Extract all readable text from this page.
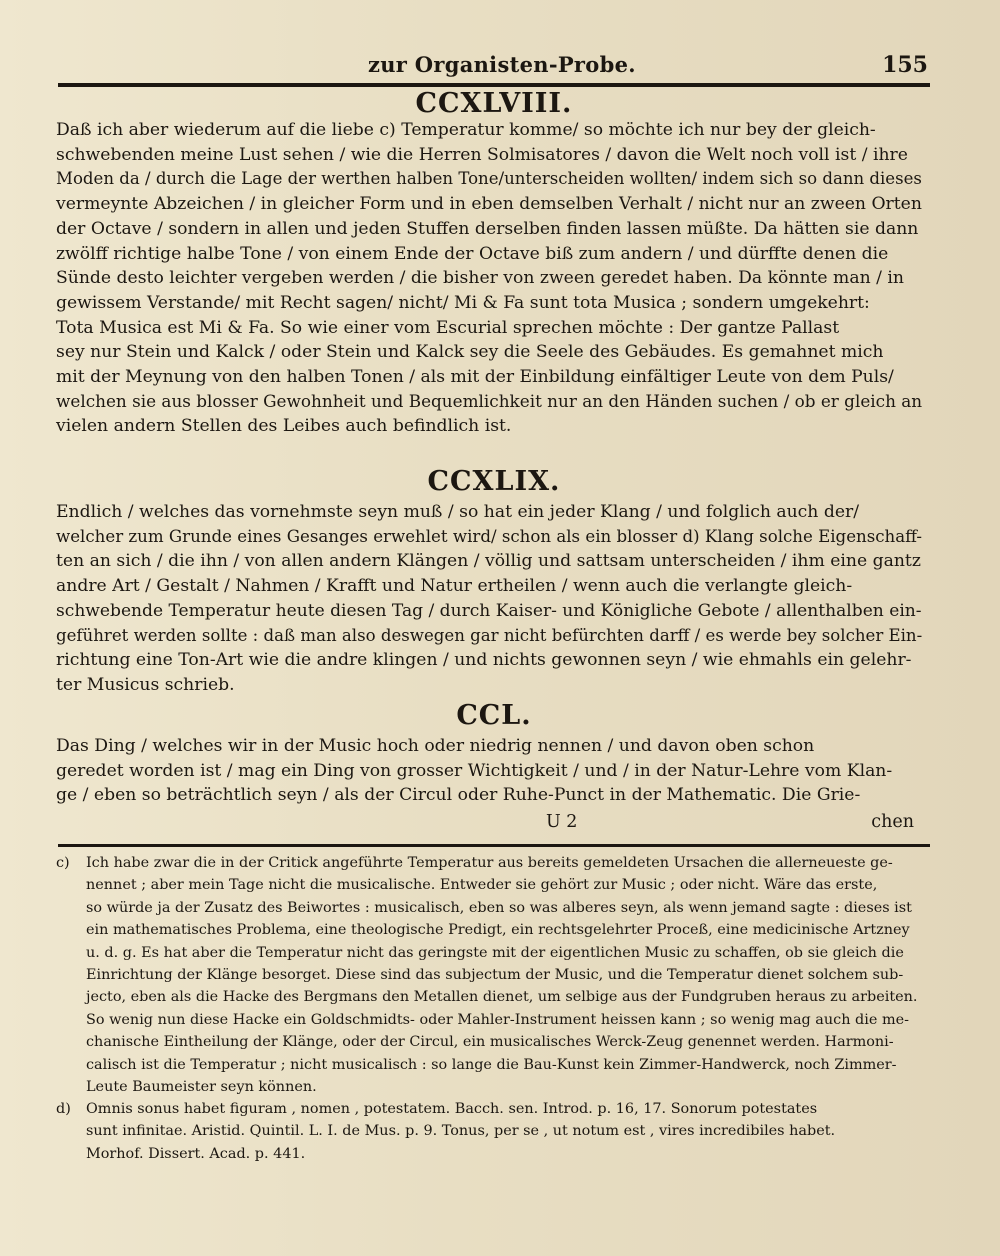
zur Organisten-Probe.	155
CCXLVIII.
Daß ich aber wiederum auf die liebe c) Temperatur komme/ so möchte ich nur bey der gleich-
schwebenden meine Lust sehen / wie die Herren Solmisatores / davon die Welt noch voll ist / ihre
Moden da / durch die Lage der werthen halben Tone/unterscheiden wollten/ indem sich so dann dieses
vermeynte Abzeichen / in gleicher Form und in eben demselben Verhalt / nicht nur an zween Orten
der Octave / sondern in allen und jeden Stuffen derselben finden lassen müßte. Da hätten sie dann
zwölff richtige halbe Tone / von einem Ende der Octave biß zum andern / und dürffte denen die
Sünde desto leichter vergeben werden / die bisher von zween geredet haben. Da könnte man / in
gewissem Verstande/ mit Recht sagen/ nicht/ Mi & Fa sunt tota Musica ; sondern umgekehrt:
Tota Musica est Mi & Fa. So wie einer vom Escurial sprechen möchte : Der gantze Pallast
sey nur Stein und Kalck / oder Stein und Kalck sey die Seele des Gebäudes. Es gemahnet mich
mit der Meynung von den halben Tonen / als mit der Einbildung einfältiger Leute von dem Puls/
welchen sie aus blosser Gewohnheit und Bequemlichkeit nur an den Händen suchen / ob er gleich an
vielen andern Stellen des Leibes auch befindlich ist.
CCXLIX.
Endlich / welches das vornehmste seyn muß / so hat ein jeder Klang / und folglich auch der/
welcher zum Grunde eines Gesanges erwehlet wird/ schon als ein blosser d) Klang solche Eigenschaff-
ten an sich / die ihn / von allen andern Klängen / völlig und sattsam unterscheiden / ihm eine gantz
andre Art / Gestalt / Nahmen / Krafft und Natur ertheilen / wenn auch die verlangte gleich-
schwebende Temperatur heute diesen Tag / durch Kaiser- und Königliche Gebote / allenthalben ein-
geführet werden sollte : daß man also deswegen gar nicht befürchten darff / es werde bey solcher Ein-
richtung eine Ton-Art wie die andre klingen / und nichts gewonnen seyn / wie ehmahls ein gelehr-
ter Musicus schrieb.
CCL.
Das Ding / welches wir in der Music hoch oder niedrig nennen / und davon oben schon
geredet worden ist / mag ein Ding von grosser Wichtigkeit / und / in der Natur-Lehre vom Klan-
ge / eben so beträchtlich seyn / als der Circul oder Ruhe-Punct in der Mathematic. Die Grie-
U 2	chen
c) Ich habe zwar die in der Critick angeführte Temperatur aus bereits gemeldeten Ursachen die allerneueste ge-
nennet ; aber mein Tage nicht die musicalische. Entweder sie gehört zur Music ; oder nicht. Wäre das erste,
so würde ja der Zusatz des Beiwortes : musicalisch, eben so was alberes seyn, als wenn jemand sagte : dieses ist
ein mathematisches Problema, eine theologische Predigt, ein rechtsgelehrter Proceß, eine medicinische Artzney
u. d. g. Es hat aber die Temperatur nicht das geringste mit der eigentlichen Music zu schaffen, ob sie gleich die
Einrichtung der Klänge besorget. Diese sind das subjectum der Music, und die Temperatur dienet solchem sub-
jecto, eben als die Hacke des Bergmans den Metallen dienet, um selbige aus der Fundgruben heraus zu arbeiten.
So wenig nun diese Hacke ein Goldschmidts- oder Mahler-Instrument heissen kann ; so wenig mag auch die me-
chanische Eintheilung der Klänge, oder der Circul, ein musicalisches Werck-Zeug genennet werden. Harmoni-
calisch ist die Temperatur ; nicht musicalisch : so lange die Bau-Kunst kein Zimmer-Handwerck, noch Zimmer-
Leute Baumeister seyn können.
d) Omnis sonus habet figuram , nomen , potestatem. Bacch. sen. Introd. p. 16, 17. Sonorum potestates
sunt infinitae. Aristid. Quintil. L. I. de Mus. p. 9. Tonus, per se , ut notum est , vires incredibiles habet.
Morhof. Dissert. Acad. p. 441.
